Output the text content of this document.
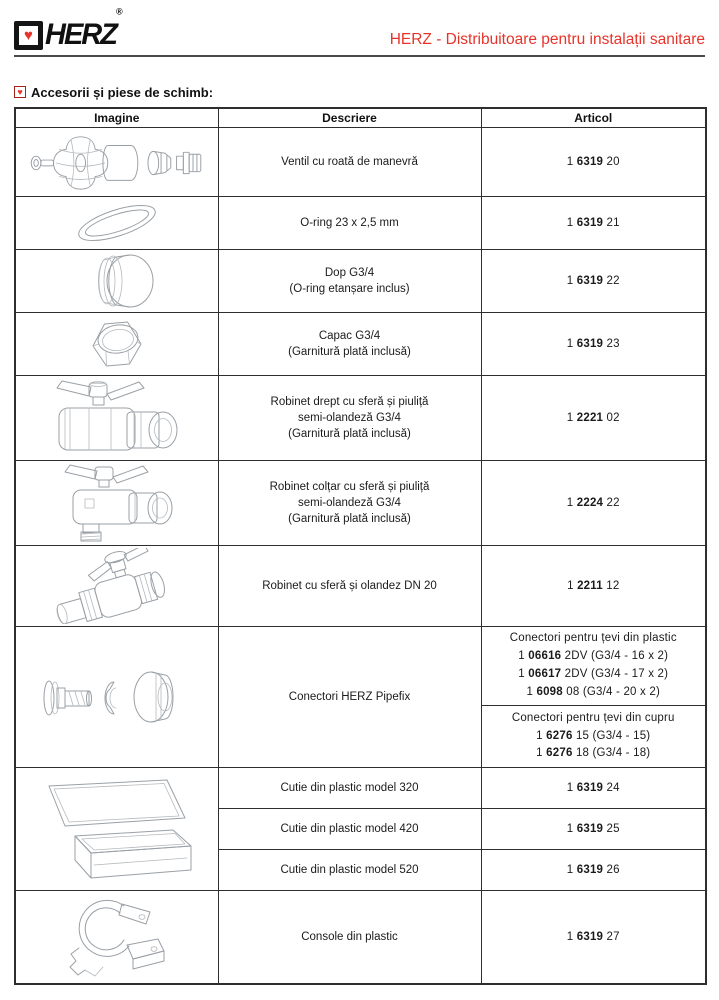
♥ HERZ®
HERZ - Distribuitoare pentru instalații sanitare
♥ Accesorii și piese de schimb:
Imagine	Descriere	Articol

	Ventil cu roată de manevră	1 6319 20

	O-ring 23 x 2,5 mm	1 6319 21

Dop G3/4
(O-ring etanșare inclus)	1 6319 22

Capac G3/4
(Garnitură plată inclusă)	1 6319 23

Robinet drept cu sferă și piuliță
semi-olandeză G3/4
(Garnitură plată inclusă)	1 2221 02

Robinet colțar cu sferă și piuliță
semi-olandeză G3/4
(Garnitură plată inclusă)	1 2224 22

	Robinet cu sferă și olandez DN 20	1 2211 12

	Conectori HERZ Pipefix	Conectori pentru țevi din plastic
1 06616 2DV (G3/4 - 16 x 2)
1 06617 2DV (G3/4 - 17 x 2)
1 6098 08 (G3/4 - 20 x 2)

		Conectori pentru țevi din cupru
1 6276 15 (G3/4 - 15)
1 6276 18 (G3/4 - 18)

	Cutie din plastic model 320	1 6319 24
	Cutie din plastic model 420	1 6319 25
	Cutie din plastic model 520	1 6319 26

	Console din plastic	1 6319 27
